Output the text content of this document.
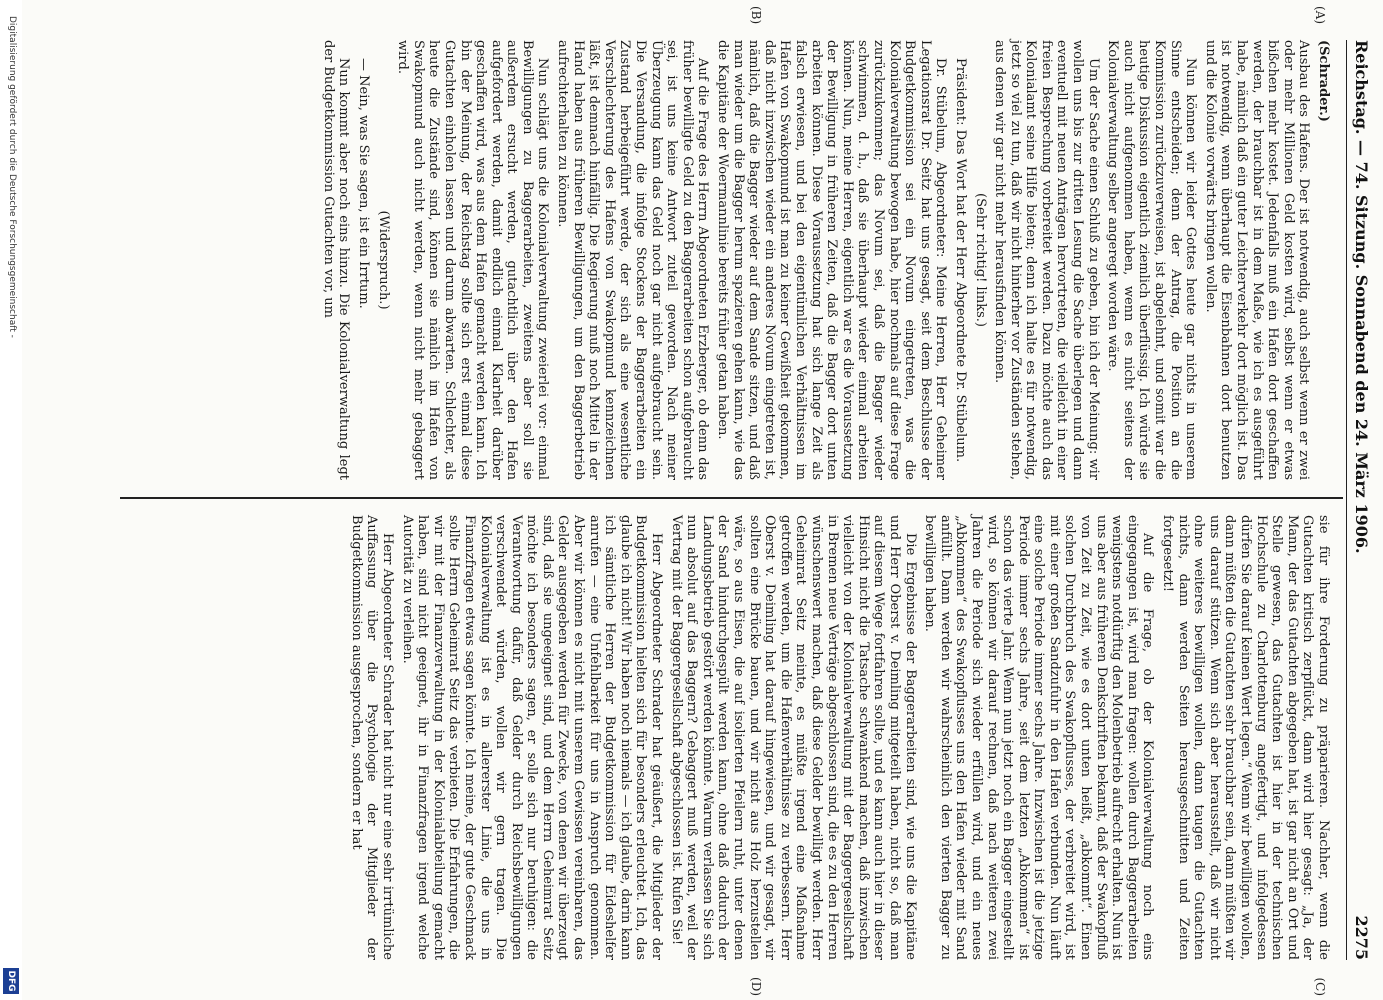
Reichstag. — 74. Sitzung. Sonnabend den 24. März 1906.
2275
(A)
(B)
(C)
(D)

(Schrader.)

Ausbau des Hafens. Der ist notwendig, auch selbst wenn er zwei oder mehr Millionen Geld kosten wird, selbst wenn er etwas bißchen mehr kostet. Jedenfalls muß ein Hafen dort geschaffen werden, der brauchbar ist in dem Maße, wie ich es ausgeführt habe, nämlich daß ein guter Leichterverkehr dort möglich ist. Das ist notwendig, wenn überhaupt die Eisenbahnen dort benutzen und die Kolonie vorwärts bringen wollen.

Nun können wir leider Gottes heute gar nichts in unserem Sinne entscheiden; denn der Antrag, die Position an die Kommission zurückzuverweisen, ist abgelehnt, und somit war die heutige Diskussion eigentlich ziemlich überflüssig. Ich würde sie auch nicht aufgenommen haben, wenn es nicht seitens der Kolonialverwaltung selber angeregt worden wäre.

Um der Sache einen Schluß zu geben, bin ich der Meinung: wir wollen uns bis zur dritten Lesung die Sache überlegen und dann eventuell mit neuen Anträgen hervortreten, die vielleicht in einer freien Besprechung vorbereitet werden. Dazu möchte auch das Kolonialamt seine Hilfe bieten; denn ich halte es für notwendig, jetzt so viel zu tun, daß wir nicht hinterher vor Zuständen stehen, aus denen wir gar nicht mehr herausfinden können.

(Sehr richtig! links.)

Präsident: Das Wort hat der Herr Abgeordnete Dr. Stübelum.

Dr. Stübelum, Abgeordneter: Meine Herren, Herr Geheimer Legationsrat Dr. Seitz hat uns gesagt, seit dem Beschlusse der Budgetkommission sei ein Novum eingetreten, was die Kolonialverwaltung bewogen habe, hier nochmals auf diese Frage zurückzukommen; das Novum sei, daß die Bagger wieder schwimmen, d. h., daß sie überhaupt wieder einmal arbeiten können. Nun, meine Herren, eigentlich war es die Voraussetzung der Bewilligung in früheren Zeiten, daß die Bagger dort unten arbeiten können. Diese Voraussetzung hat sich lange Zeit als falsch erwiesen, und bei den eigentümlichen Verhältnissen im Hafen von Swakopmund ist man zu keiner Gewißheit gekommen, daß nicht inzwischen wieder ein anderes Novum eingetreten ist, nämlich, daß die Bagger wieder auf dem Sande sitzen, und daß man wieder um die Bagger herum spazieren gehen kann, wie das die Kapitäne der Woermannlinie bereits früher getan haben.

Auf die Frage des Herrn Abgeordneten Erzberger, ob denn das früher bewilligte Geld zu den Baggerarbeiten schon aufgebraucht sei, ist uns keine Antwort zuteil geworden. Nach meiner Überzeugung kann das Geld noch gar nicht aufgebraucht sein. Die Versandung, die infolge Stockens der Baggerarbeiten ein Zustand herbeigeführt werde, der sich als eine wesentliche Verschlechterung des Hafens von Swakopmund kennzeichnen läßt, ist demnach hinfällig. Die Regierung muß noch Mittel in der Hand haben aus früheren Bewilligungen, um den Baggerbetrieb aufrechterhalten zu können.

Nun schlägt uns die Kolonialverwaltung zweierlei vor: einmal Bewilligungen zu Baggerarbeiten, zweitens aber soll sie außerdem ersucht werden, gutachtlich über den Hafen aufgefordert werden, damit endlich einmal Klarheit darüber geschaffen wird, was aus dem Hafen gemacht werden kann. Ich bin der Meinung, der Reichstag sollte sich erst einmal diese Gutachten einholen lassen und darum abwarten. Schlechter, als heute die Zustände sind, können sie nämlich im Hafen von Swakopmund auch nicht werden, wenn nicht mehr gebaggert wird.

(Widerspruch.)

— Nein, was Sie sagen, ist ein Irrtum.

Nun kommt aber noch eins hinzu. Die Kolonialverwaltung legt der Budgetkommission Gutachten vor, um

sie für ihre Forderung zu präparieren. Nachher, wenn die Gutachten kritisch zerpflückt, dann wird hier gesagt: „Ja, der Mann, der das Gutachten abgegeben hat, ist gar nicht an Ort und Stelle gewesen, das Gutachten ist hier in der technischen Hochschule zu Charlottenburg angefertigt, und infolgedessen dürfen Sie darauf keinen Wert legen.“ Wenn wir bewilligen wollen, dann müßten die Gutachten sehr brauchbar sein, dann müßten wir uns darauf stützen. Wenn sich aber herausstellt, daß wir nicht ohne weiteres bewilligen wollen, dann taugen die Gutachten nichts, dann werden Seiten herausgeschnitten und Zeiten fortgesetzt!

Auf die Frage, ob der Kolonialverwaltung noch eins eingegangen ist, wird man fragen: wollen durch Baggerarbeiten wenigstens notdürftig den Molenbetrieb aufrecht erhalten. Nun ist uns aber aus früheren Denkschriften bekannt, daß der Swakopfluß von Zeit zu Zeit, wie es dort unten heißt, „abkommt“. Einen solchen Durchbruch des Swakopflusses, der verbreitet wird, ist mit einer großen Sandzufuhr in den Hafen verbunden. Nun läuft eine solche Periode immer sechs Jahre. Inzwischen ist die jetzige Periode immer sechs Jahre, seit dem letzten „Abkommen“ ist schon das vierte Jahr. Wenn nun jetzt noch ein Bagger eingestellt wird, so können wir darauf rechnen, daß nach weiteren zwei Jahren die Periode sich wieder erfüllen wird, und ein neues „Abkommen“ des Swakopflusses uns den Hafen wieder mit Sand anfüllt. Dann werden wir wahrscheinlich den vierten Bagger zu bewilligen haben.

Die Ergebnisse der Baggerarbeiten sind, wie uns die Kapitäne und Herr Oberst v. Deimling mitgeteilt haben, nicht so, daß man auf diesem Wege fortfahren sollte, und es kann auch hier in dieser Hinsicht nicht die Tatsache schwankend machen, daß inzwischen vielleicht von der Kolonialverwaltung mit der Baggergesellschaft in Bremen neue Verträge abgeschlossen sind, die es zu den Herren wünschenswert machen, daß diese Gelder bewilligt werden. Herr Geheimrat Seitz meinte, es müßte irgend eine Maßnahme getroffen werden, um die Hafenverhältnisse zu verbessern. Herr Oberst v. Deimling hat darauf hingewiesen, und wir gesagt, wir sollten eine Brücke bauen, und wir nicht aus Holz herzustellen wäre, so aus Eisen, die auf isolierten Pfeilern ruht, unter denen der Sand hindurchgespült werden kann, ohne daß dadurch der Landungsbetrieb gestört werden könnte. Warum verlassen Sie sich nun absolut auf das Baggern? Gebaggert muß werden, weil der Vertrag mit der Baggergesellschaft abgeschlossen ist. Rufen Sie!

Herr Abgeordneter Schrader hat geäußert, die Mitglieder der Budgetkommission hielten sich für besonders erleuchtet. Ich, das glaube ich nicht! Wir haben noch niemals — ich glaube, darin kann ich sämtliche Herren der Budgetkommission für Eideshelfer anrufen — eine Unfehlbarkeit für uns in Anspruch genommen. Aber wir können es nicht mit unserem Gewissen vereinbaren, das Gelder ausgegeben werden für Zwecke, von denen wir überzeugt sind, daß sie ungeeignet sind, und dem Herrn Geheimrat Seitz möchte ich besonders sagen, er solle sich nur beruhigen: die Verantwortung dafür, daß Gelder durch Reichsbewilligungen verschwendet würden, wollen wir gern tragen. Die Kolonialverwaltung ist es in allererster Linie, die uns in Finanzfragen etwas sagen könnte. Ich meine, der gute Geschmack sollte Herrn Geheimrat Seitz das verbieten. Die Erfahrungen, die wir mit der Finanzverwaltung in der Kolonialabteilung gemacht haben, sind nicht geeignet, ihr in Finanzfragen irgend welche Autorität zu verleihen.

Herr Abgeordneter Schrader hat nicht nur eine sehr irrtümliche Auffassung über die Psychologie der Mitglieder der Budgetkommission ausgesprochen, sondern er hat

Digitalisierung gefördert durch die Deutsche Forschungsgemeinschaft -
DFG
